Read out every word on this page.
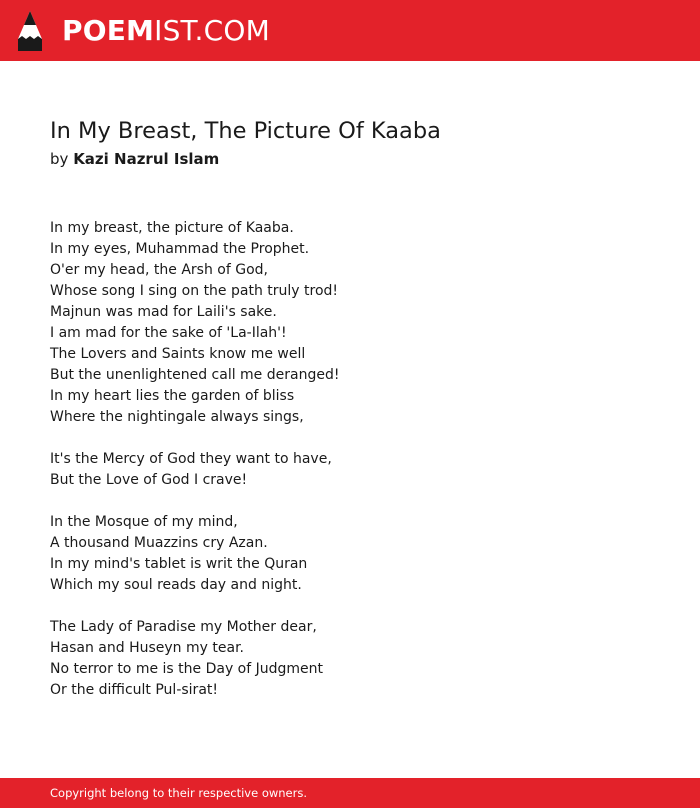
POEMIST.COM
In My Breast, The Picture Of Kaaba
by Kazi Nazrul Islam
In my breast, the picture of Kaaba.
In my eyes, Muhammad the Prophet.
O'er my head, the Arsh of God,
Whose song I sing on the path truly trod!
Majnun was mad for Laili's sake.
I am mad for the sake of 'La-Ilah'!
The Lovers and Saints know me well
But the unenlightened call me deranged!
In my heart lies the garden of bliss
Where the nightingale always sings,
It's the Mercy of God they want to have,
But the Love of God I crave!
In the Mosque of my mind,
A thousand Muazzins cry Azan.
In my mind's tablet is writ the Quran
Which my soul reads day and night.
The Lady of Paradise my Mother dear,
Hasan and Huseyn my tear.
No terror to me is the Day of Judgment
Or the difficult Pul-sirat!
Copyright belong to their respective owners.
